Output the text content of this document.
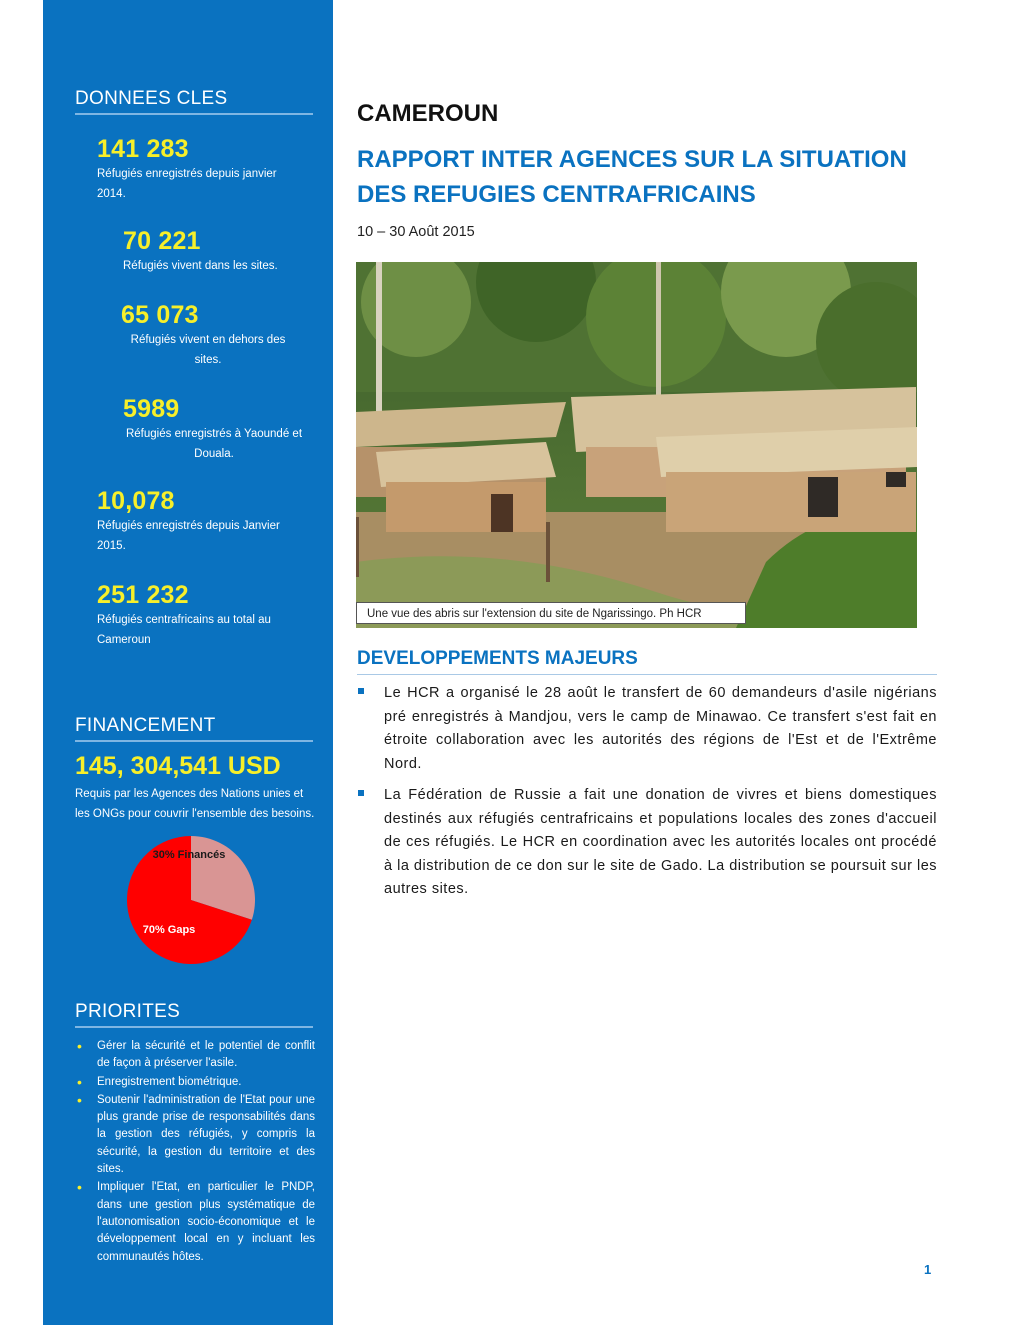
DONNEES CLES
141 283
Réfugiés enregistrés depuis janvier 2014.
70 221
Réfugiés vivent dans les sites.
65 073
Réfugiés vivent en dehors des sites.
5989
Réfugiés enregistrés à Yaoundé et Douala.
10,078
Réfugiés enregistrés depuis Janvier 2015.
251 232
Réfugiés centrafricains au total au Cameroun
FINANCEMENT
145, 304,541 USD
Requis par les Agences des Nations unies et les ONGs pour couvrir l'ensemble des besoins.
30% Financés
70% Gaps
PRIORITES
• Gérer la sécurité et le potentiel de conflit de façon à préserver l'asile.
• Enregistrement biométrique.
• Soutenir l'administration de l'Etat pour une plus grande prise de responsabilités dans la gestion des réfugiés, y compris la sécurité, la gestion du territoire et des sites.
• Impliquer l'Etat, en particulier le PNDP, dans une gestion plus systématique de l'autonomisation socio-économique et le développement local en y incluant les communautés hôtes.
CAMEROUN
RAPPORT INTER AGENCES SUR LA SITUATION DES REFUGIES CENTRAFRICAINS
10 – 30 Août 2015
Une vue des abris sur l'extension du site de Ngarissingo. Ph HCR
DEVELOPPEMENTS MAJEURS
Le HCR a organisé le 28 août le transfert de 60 demandeurs d'asile nigérians pré enregistrés à Mandjou, vers le camp de Minawao. Ce transfert s'est fait en étroite collaboration avec les autorités des régions de l'Est et de l'Extrême Nord.
La Fédération de Russie a fait une donation de vivres et biens domestiques destinés aux réfugiés centrafricains et populations locales des zones d'accueil de ces réfugiés. Le HCR en coordination avec les autorités locales ont procédé à la distribution de ce don sur le site de Gado. La distribution se poursuit sur les autres sites.
1
